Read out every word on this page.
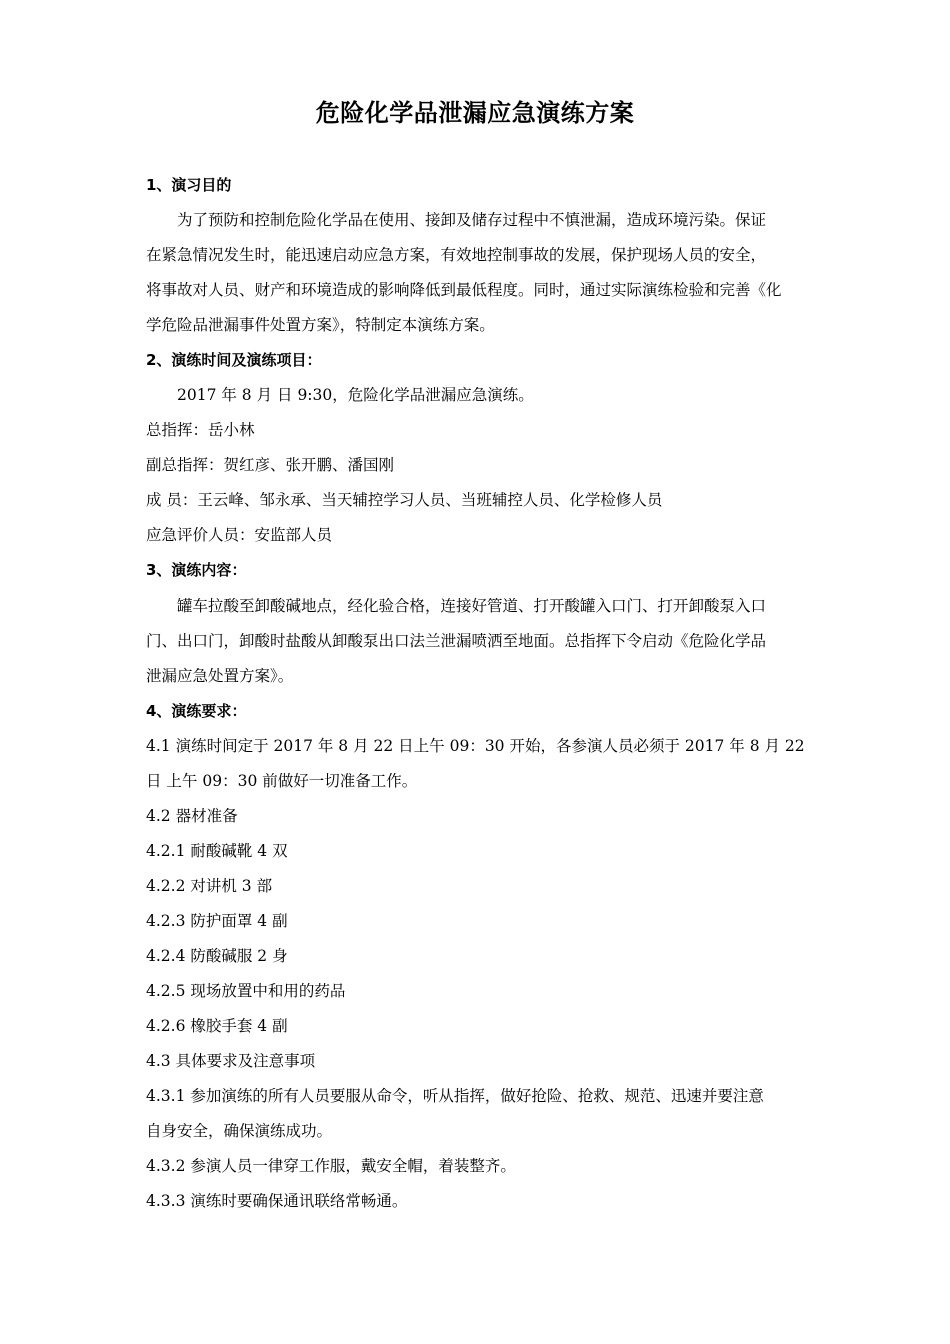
危险化学品泄漏应急演练方案
1、演习目的
为了预防和控制危险化学品在使用、接卸及储存过程中不慎泄漏，造成环境污染。保证
在紧急情况发生时，能迅速启动应急方案，有效地控制事故的发展，保护现场人员的安全，
将事故对人员、财产和环境造成的影响降低到最低程度。同时，通过实际演练检验和完善《化
学危险品泄漏事件处置方案》，特制定本演练方案。
2、演练时间及演练项目：
2017 年 8 月 日 9:30，危险化学品泄漏应急演练。
总指挥：岳小林
副总指挥：贺红彦、张开鹏、潘国刚
成 员：王云峰、邹永承、当天辅控学习人员、当班辅控人员、化学检修人员
应急评价人员：安监部人员
3、演练内容：
罐车拉酸至卸酸碱地点，经化验合格，连接好管道、打开酸罐入口门、打开卸酸泵入口
门、出口门，卸酸时盐酸从卸酸泵出口法兰泄漏喷洒至地面。总指挥下令启动《危险化学品
泄漏应急处置方案》。
4、演练要求：
4.1 演练时间定于 2017 年 8 月 22 日上午 09：30 开始，各参演人员必须于 2017 年 8 月 22
日 上午 09：30 前做好一切准备工作。
4.2 器材准备
4.2.1 耐酸碱靴 4 双
4.2.2 对讲机 3 部
4.2.3 防护面罩 4 副
4.2.4 防酸碱服 2 身
4.2.5 现场放置中和用的药品
4.2.6 橡胶手套 4 副
4.3 具体要求及注意事项
4.3.1 参加演练的所有人员要服从命令，听从指挥，做好抢险、抢救、规范、迅速并要注意
自身安全，确保演练成功。
4.3.2 参演人员一律穿工作服，戴安全帽，着装整齐。
4.3.3 演练时要确保通讯联络常畅通。
